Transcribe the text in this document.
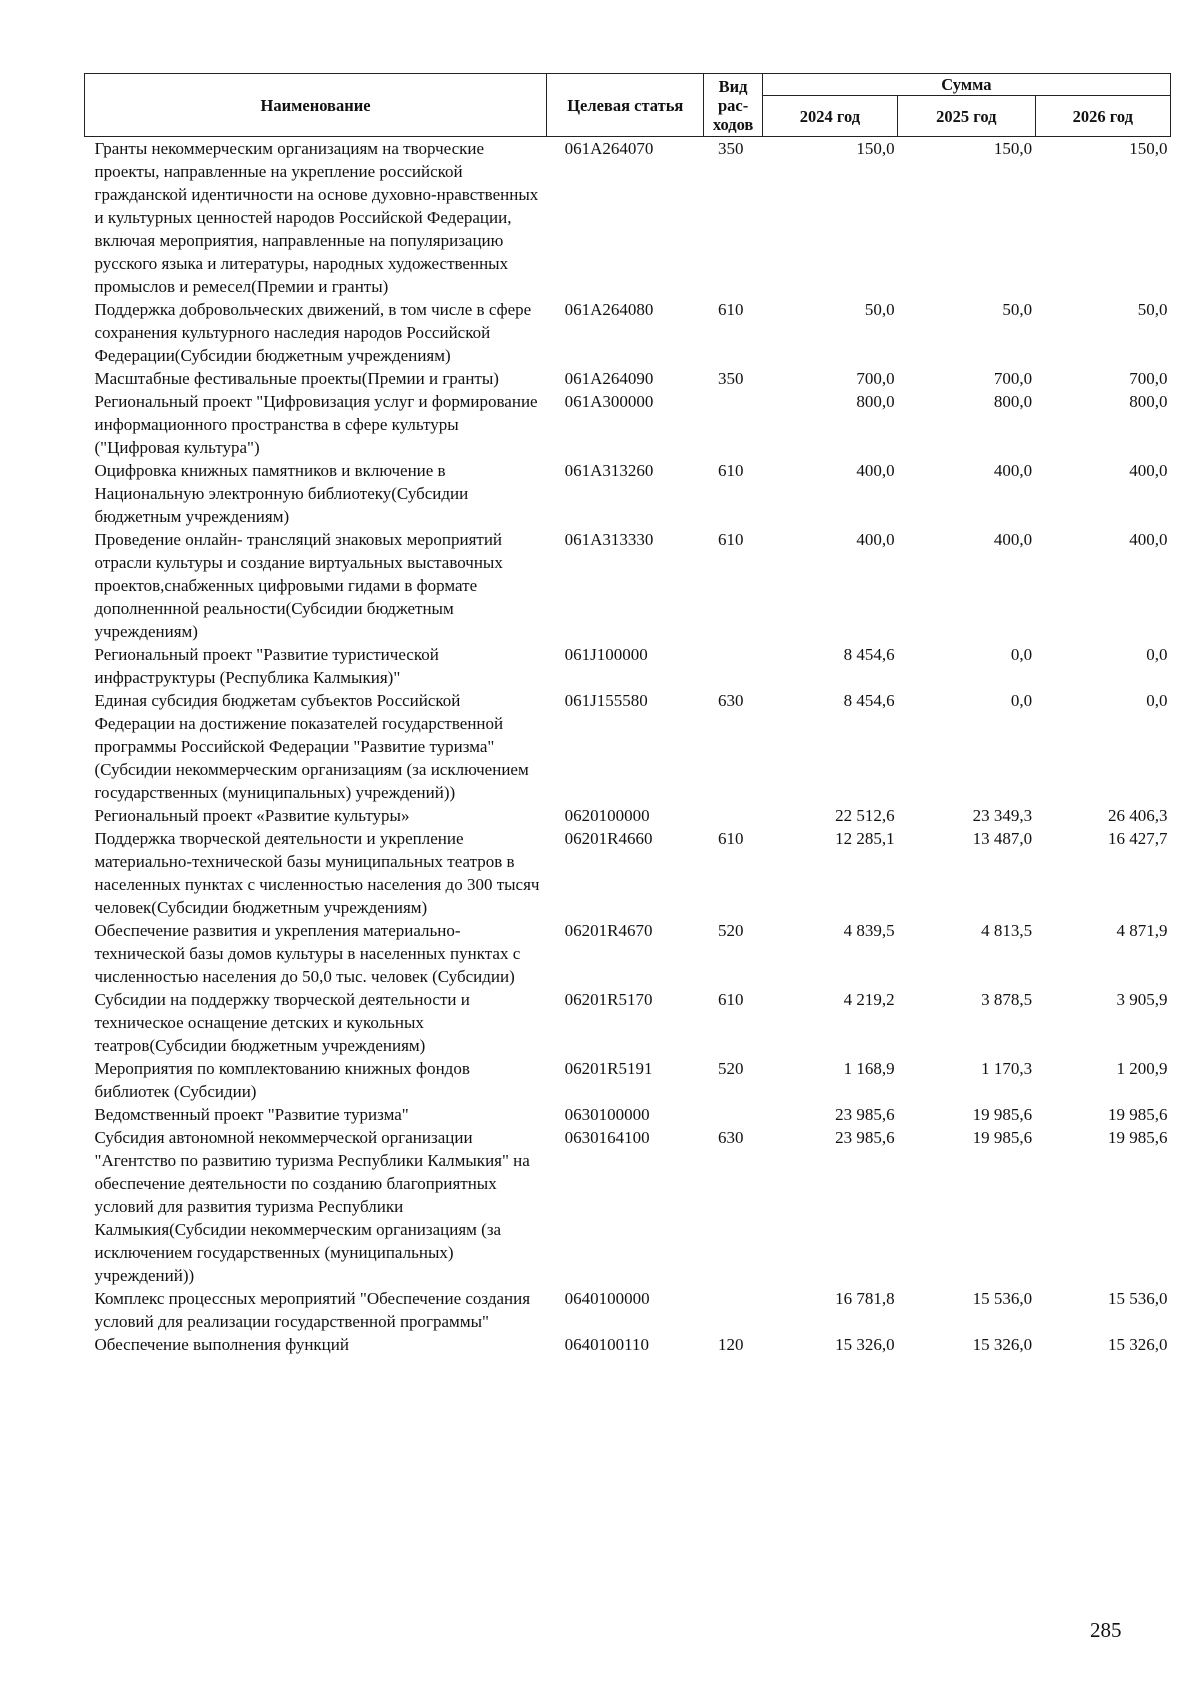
Наименование	Целевая статья	Вид рас-ходов	Сумма		
			2024 год	2025 год	2026 год
Гранты некоммерческим организациям на творческие проекты, направленные на укрепление российской гражданской идентичности на основе духовно-нравственных и культурных ценностей народов Российской Федерации, включая мероприятия, направленные на популяризацию русского языка и литературы, народных художественных промыслов и ремесел(Премии и гранты)	061A264070	350	150,0	150,0	150,0
Поддержка добровольческих движений, в том числе в сфере сохранения культурного наследия народов Российской Федерации(Субсидии бюджетным учреждениям)	061A264080	610	50,0	50,0	50,0
Масштабные фестивальные проекты(Премии и гранты)	061A264090	350	700,0	700,0	700,0
Региональный проект "Цифровизация услуг и формирование информационного пространства в сфере культуры ("Цифровая культура")	061A300000		800,0	800,0	800,0
Оцифровка книжных памятников и включение в Национальную электронную библиотеку(Субсидии бюджетным учреждениям)	061A313260	610	400,0	400,0	400,0
Проведение онлайн- трансляций знаковых мероприятий отрасли культуры и создание виртуальных выставочных проектов,снабженных цифровыми гидами в формате дополненнной реальности(Субсидии бюджетным учреждениям)	061A313330	610	400,0	400,0	400,0
Региональный проект "Развитие туристической инфраструктуры (Республика Калмыкия)"	061J100000		8 454,6	0,0	0,0
Единая субсидия бюджетам субъектов Российской Федерации на достижение показателей государственной программы Российской Федерации "Развитие туризма"(Субсидии некоммерческим организациям (за исключением государственных (муниципальных) учреждений))	061J155580	630	8 454,6	0,0	0,0
Региональный проект «Развитие культуры»	0620100000		22 512,6	23 349,3	26 406,3
Поддержка творческой деятельности и укрепление материально-технической базы муниципальных театров в населенных пунктах с численностью населения до 300 тысяч человек(Субсидии бюджетным учреждениям)	06201R4660	610	12 285,1	13 487,0	16 427,7
Обеспечение развития и укрепления материально-технической базы домов культуры в населенных пунктах с численностью населения до 50,0 тыс. человек (Субсидии)	06201R4670	520	4 839,5	4 813,5	4 871,9
Субсидии на поддержку творческой деятельности и техническое оснащение детских и кукольных театров(Субсидии бюджетным учреждениям)	06201R5170	610	4 219,2	3 878,5	3 905,9
Мероприятия по комплектованию книжных фондов библиотек (Субсидии)	06201R5191	520	1 168,9	1 170,3	1 200,9
Ведомственный проект "Развитие туризма"	0630100000		23 985,6	19 985,6	19 985,6
Субсидия автономной некоммерческой организации "Агентство по развитию туризма Республики Калмыкия" на обеспечение деятельности по созданию благоприятных условий для развития туризма Республики Калмыкия(Субсидии некоммерческим организациям (за исключением государственных (муниципальных) учреждений))	0630164100	630	23 985,6	19 985,6	19 985,6
Комплекс процессных мероприятий "Обеспечение создания условий для реализации государственной программы"	0640100000		16 781,8	15 536,0	15 536,0
Обеспечение выполнения функций	0640100110	120	15 326,0	15 326,0	15 326,0
285
